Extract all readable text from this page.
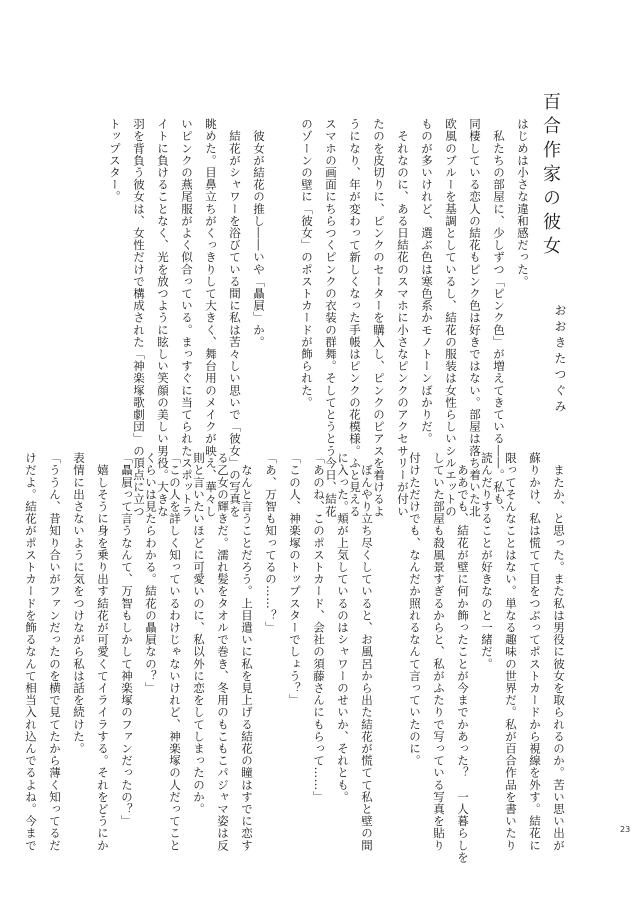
百合作家の彼女
おおきたつぐみ
はじめは小さな違和感だった。
　私たちの部屋に、少しずつ「ピンク色」が増えてきている――。私も、
同棲している恋人の結花もピンク色は好きではない。部屋は落ち着いた北
欧風のブルーを基調としているし、結花の服装は女性らしいシルエットの
ものが多いけれど、選ぶ色は寒色系かモノトーンばかりだ。
　それなのに、ある日結花のスマホに小さなピンクのアクセサリーが付い
たのを皮切りに、ピンクのセーターを購入し、ピンクのピアスを着けるよ
うになり、年が変わって新しくなった手帳はピンクの花模様。ふと見える
スマホの画面にちらつくピンクの衣装の群舞。そしてとうとう今日、結花
のゾーンの壁に「彼女」のポストカードが飾られた。
　彼女が結花の推し――いや「贔屓」か。
　結花がシャワーを浴びている間に私は苦々しい思いで「彼女」の写真を
眺めた。目鼻立ちがくっきりして大きく、舞台用のメイクが映え、華々し
いピンクの燕尾服がよく似合っている。まっすぐに当てられたスポットラ
イトに負けることなく、光を放つように眩しい笑顔の美しい男役。大きな
羽を背負う彼女は、女性だけで構成された「神楽塚歌劇団」の頂点に立つ
トップスター。
　またか、と思った。また私は男役に彼女を取られるのか。苦い思い出が
蘇りかけ、私は慌てて目をつぶってポストカードから視線を外す。結花に
限ってそんなことはない。単なる趣味の世界だ。私が百合作品を書いたり
読んだりすることが好きなのと一緒だ。
　ああでも、結花が壁に何か飾ったことが今までかあった？　一人暮らしを
していた部屋も殺風景すぎるからと、私がふたりで写っている写真を貼り
付けただけでも、なんだか照れるなんて言っていたのに。
　ぼんやり立ち尽くしていると、お風呂から出た結花が慌てて私と壁の間
に入った。頬が上気しているのはシャワーのせいか、それとも。
「あのね、このポストカード、会社の須藤さんにもらって……」
「この人、神楽塚のトップスターでしょう？」
「あ、万智も知ってるの……？」
　なんと言うことだろう。上目遣いに私を見上げる結花の瞳はすでに恋す
る乙女の輝きだ。濡れ髪をタオルで巻き、冬用のもこもこパジャマ姿は反
則と言いたいほどに可愛いのに、私以外に恋をしてしまったのか。
「この人を詳しく知っているわけじゃないけれど、神楽塚の人だってこと
くらいは見たらわかる。結花の贔屓なの？」
「贔屓って言うなんて、万智もしかして神楽塚のファンだったの？」
　嬉しそうに身を乗り出す結花が可愛くてイライラする。それをどうにか
表情に出さないように気をつけながら私は話を続けた。
「ううん、昔知り合いがファンだったのを横で見てたから薄く知ってるだ
けだよ。結花がポストカードを飾るなんて相当入れ込んでるよね。今まで	23
